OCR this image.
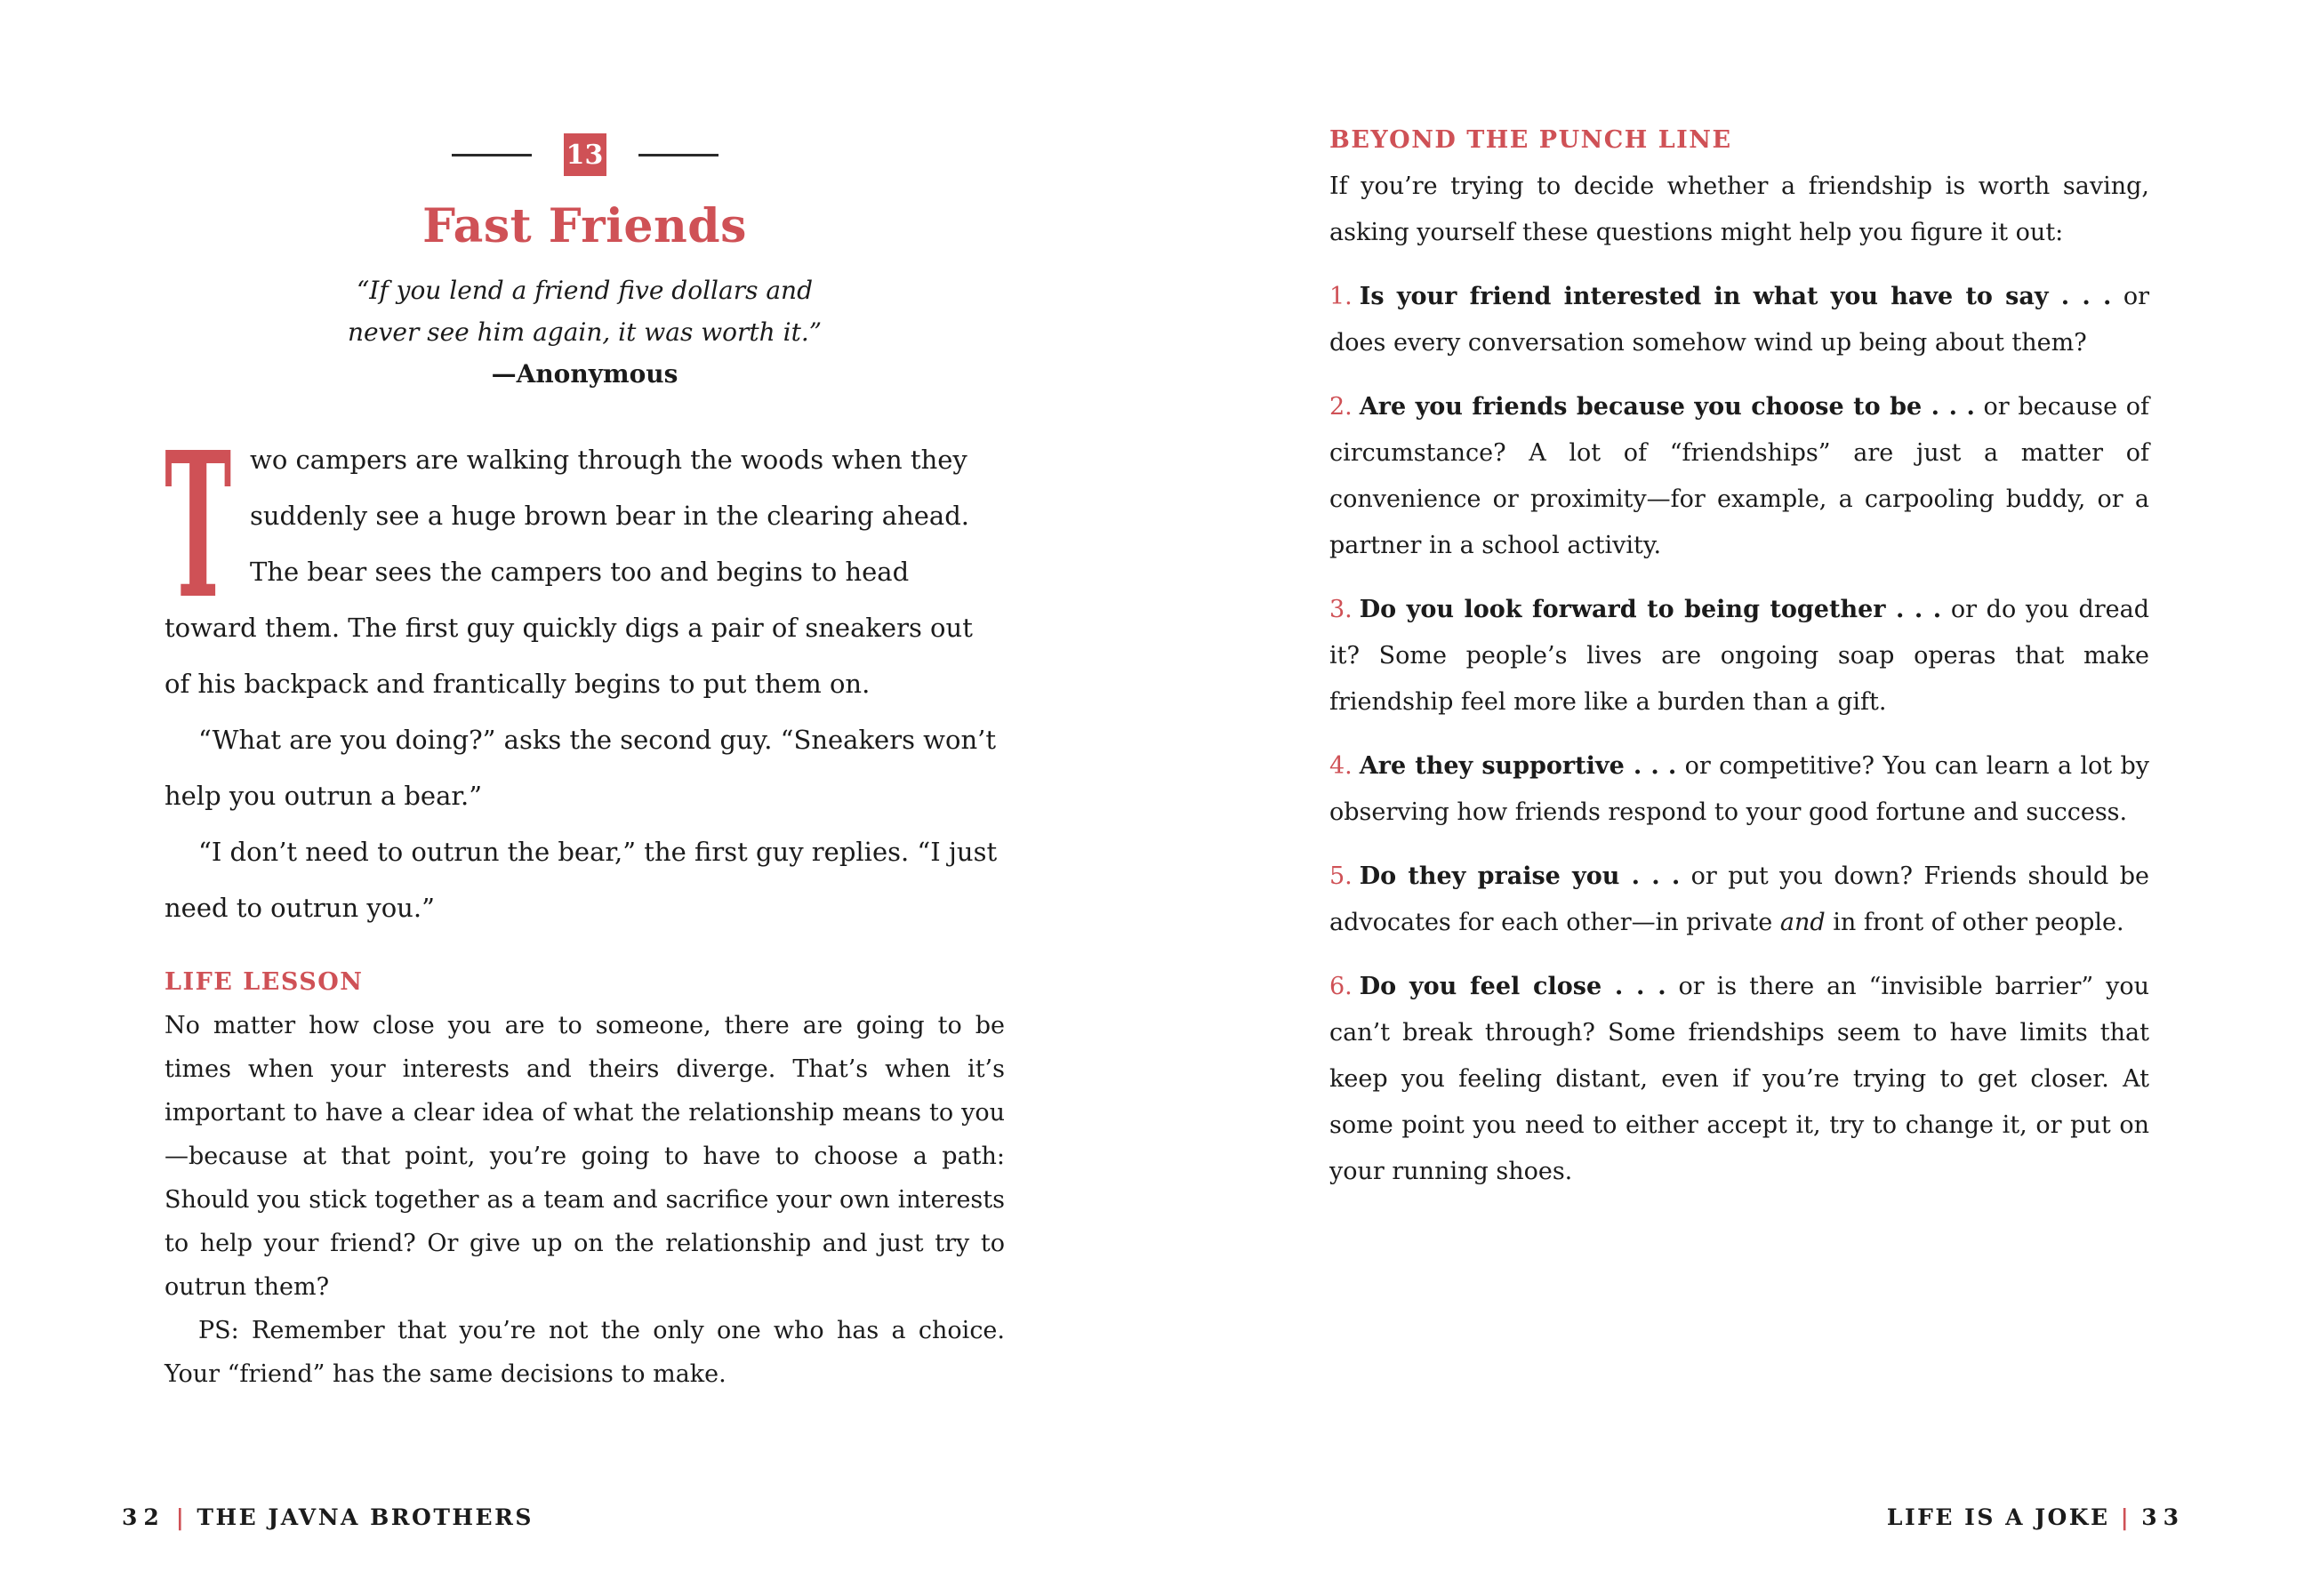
13
Fast Friends
“If you lend a friend five dollars and
never see him again, it was worth it.”
—Anonymous

T wo campers are walking through the woods when they suddenly see a huge brown bear in the clearing ahead. The bear sees the campers too and begins to head toward them. The first guy quickly digs a pair of sneakers out of his backpack and frantically begins to put them on.

“What are you doing?” asks the second guy. “Sneakers won’t help you outrun a bear.”

“I don’t need to outrun the bear,” the first guy replies. “I just need to outrun you.”

LIFE LESSON

No matter how close you are to someone, there are going to be times when your interests and theirs diverge. That’s when it’s important to have a clear idea of what the relationship means to you—because at that point, you’re going to have to choose a path: Should you stick together as a team and sacrifice your own interests to help your friend? Or give up on the relationship and just try to outrun them?

PS: Remember that you’re not the only one who has a choice. Your “friend” has the same decisions to make.

BEYOND THE PUNCH LINE

If you’re trying to decide whether a friendship is worth saving, asking yourself these questions might help you figure it out:

1. Is your friend interested in what you have to say . . . or does every conversation somehow wind up being about them?

2. Are you friends because you choose to be . . . or because of circumstance? A lot of “friendships” are just a matter of convenience or proximity—for example, a carpooling buddy, or a partner in a school activity.

3. Do you look forward to being together . . . or do you dread it? Some people’s lives are ongoing soap operas that make friendship feel more like a burden than a gift.

4. Are they supportive . . . or competitive? You can learn a lot by observing how friends respond to your good fortune and success.

5. Do they praise you . . . or put you down? Friends should be advocates for each other—in private and in front of other people.

6. Do you feel close . . . or is there an “invisible barrier” you can’t break through? Some friendships seem to have limits that keep you feeling distant, even if you’re trying to get closer. At some point you need to either accept it, try to change it, or put on your running shoes.

32 | THE JAVNA BROTHERS	LIFE IS A JOKE | 33
